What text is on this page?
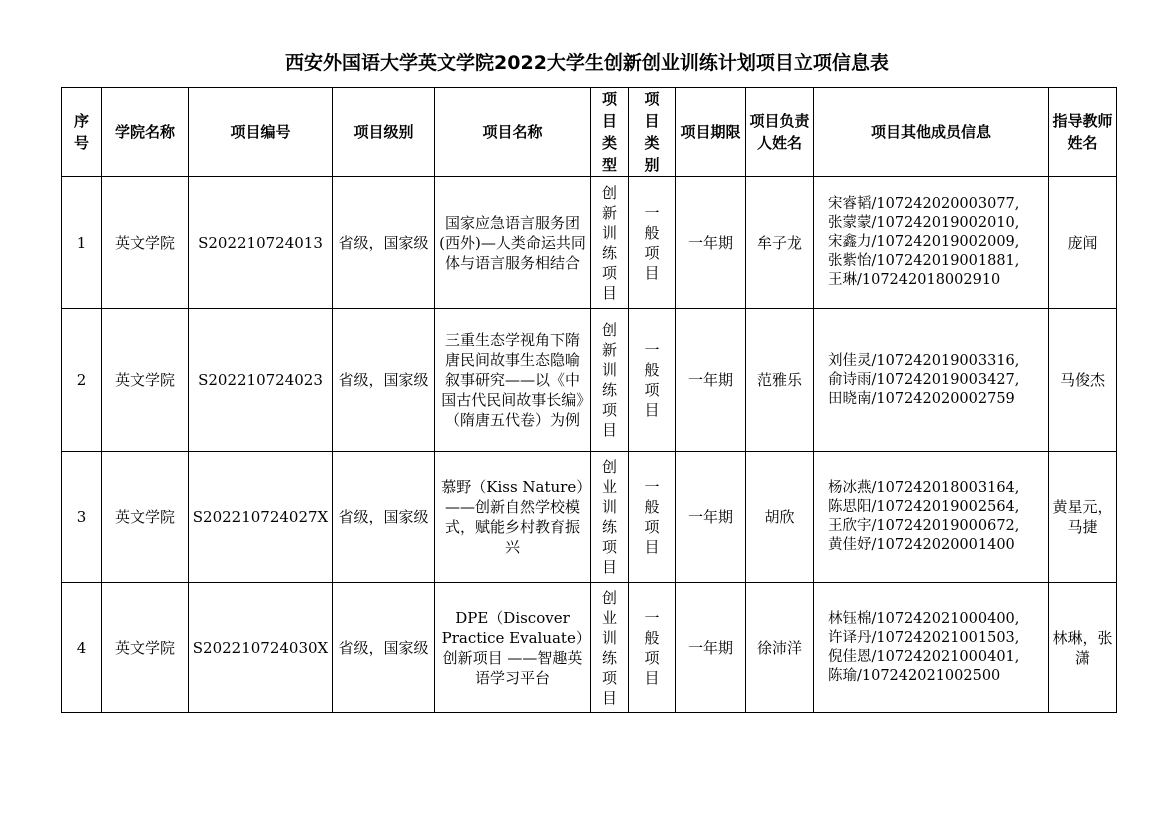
西安外国语大学英文学院2022大学生创新创业训练计划项目立项信息表
序号	学院名称	项目编号	项目级别	项目名称	项目类型	项目类别	项目期限	项目负责人姓名	项目其他成员信息	指导教师姓名
1	英文学院	S202210724013	省级，国家级	国家应急语言服务团(西外)—人类命运共同体与语言服务相结合	创新训练项目	一般项目	一年期	牟子龙	宋睿韬/107242020003077,
张蒙蒙/107242019002010,
宋鑫力/107242019002009,
张紫怡/107242019001881,
王琳/107242018002910	庞闻
2	英文学院	S202210724023	省级，国家级	三重生态学视角下隋唐民间故事生态隐喻叙事研究——以《中国古代民间故事长编》（隋唐五代卷）为例	创新训练项目	一般项目	一年期	范雅乐	刘佳灵/107242019003316,
俞诗雨/107242019003427,
田晓南/107242020002759	马俊杰
3	英文学院	S202210724027X	省级，国家级	慕野（Kiss Nature）——创新自然学校模式，赋能乡村教育振兴	创业训练项目	一般项目	一年期	胡欣	杨冰燕/107242018003164,
陈思阳/107242019002564,
王欣宇/107242019000672,
黄佳妤/107242020001400	黄星元，马捷
4	英文学院	S202210724030X	省级，国家级	DPE（Discover Practice Evaluate）创新项目 ——智趣英语学习平台	创业训练项目	一般项目	一年期	徐沛洋	林钰棉/107242021000400,
许译丹/107242021001503,
倪佳恩/107242021000401,
陈瑜/107242021002500	林琳，张潇
